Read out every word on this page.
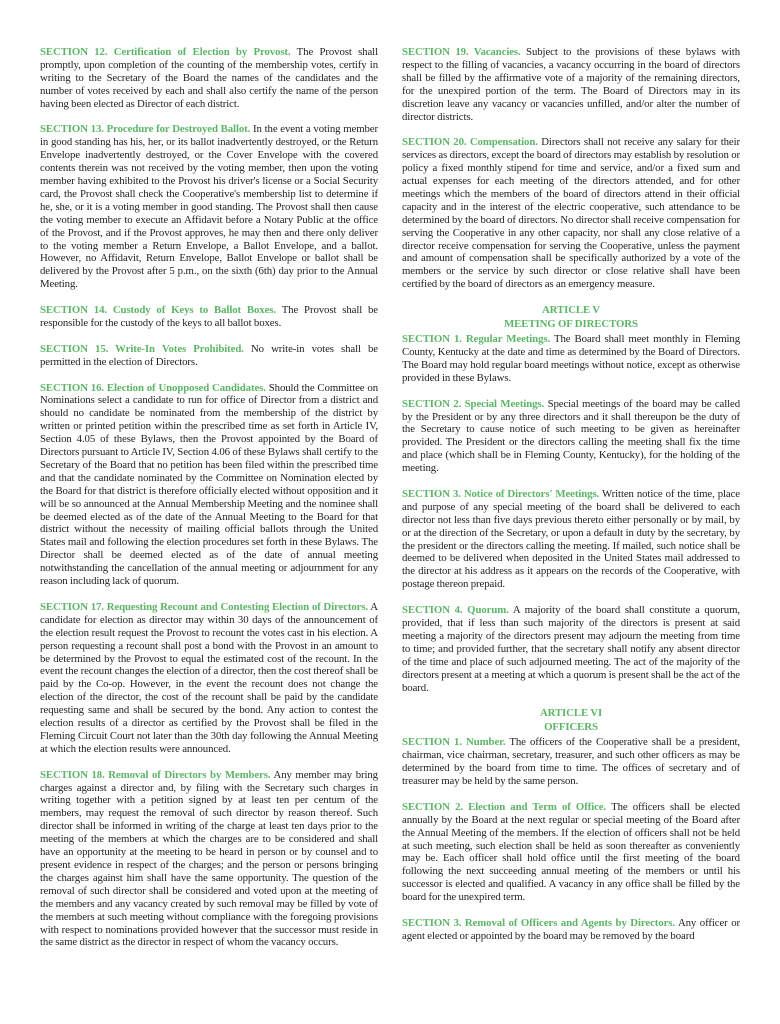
SECTION 12. Certification of Election by Provost. The Provost shall promptly, upon completion of the counting of the membership votes, certify in writing to the Secretary of the Board the names of the candidates and the number of votes received by each and shall also certify the name of the person having been elected as Director of each district.

SECTION 13. Procedure for Destroyed Ballot. In the event a voting member in good standing has his, her, or its ballot inadvertently destroyed, or the Return Envelope inadvertently destroyed, or the Cover Envelope with the covered contents therein was not received by the voting member, then upon the voting member having exhibited to the Provost his driver's license or a Social Security card, the Provost shall check the Cooperative's membership list to determine if he, she, or it is a voting member in good standing. The Provost shall then cause the voting member to execute an Affidavit before a Notary Public at the office of the Provost, and if the Provost approves, he may then and there only deliver to the voting member a Return Envelope, a Ballot Envelope, and a ballot. However, no Affidavit, Return Envelope, Ballot Envelope or ballot shall be delivered by the Provost after 5 p.m., on the sixth (6th) day prior to the Annual Meeting.

SECTION 14. Custody of Keys to Ballot Boxes. The Provost shall be responsible for the custody of the keys to all ballot boxes.

SECTION 15. Write-In Votes Prohibited. No write-in votes shall be permitted in the election of Directors.

SECTION 16. Election of Unopposed Candidates. Should the Committee on Nominations select a candidate to run for office of Director from a district and should no candidate be nominated from the membership of the district by written or printed petition within the prescribed time as set forth in Article IV, Section 4.05 of these Bylaws, then the Provost appointed by the Board of Directors pursuant to Article IV, Section 4.06 of these Bylaws shall certify to the Secretary of the Board that no petition has been filed within the prescribed time and that the candidate nominated by the Committee on Nomination elected by the Board for that district is therefore officially elected without opposition and it will be so announced at the Annual Membership Meeting and the nominee shall be deemed elected as of the date of the Annual Meeting to the Board for that district without the necessity of mailing official ballots through the United States mail and following the election procedures set forth in these Bylaws. The Director shall be deemed elected as of the date of annual meeting notwithstanding the cancellation of the annual meeting or adjournment for any reason including lack of quorum.

SECTION 17. Requesting Recount and Contesting Election of Directors. A candidate for election as director may within 30 days of the announcement of the election result request the Provost to recount the votes cast in his election. A person requesting a recount shall post a bond with the Provost in an amount to be determined by the Provost to equal the estimated cost of the recount. In the event the recount changes the election of a director, then the cost thereof shall be paid by the Co-op. However, in the event the recount does not change the election of the director, the cost of the recount shall be paid by the candidate requesting same and shall be secured by the bond. Any action to contest the election results of a director as certified by the Provost shall be filed in the Fleming Circuit Court not later than the 30th day following the Annual Meeting at which the election results were announced.

SECTION 18. Removal of Directors by Members. Any member may bring charges against a director and, by filing with the Secretary such charges in writing together with a petition signed by at least ten per centum of the members, may request the removal of such director by reason thereof. Such director shall be informed in writing of the charge at least ten days prior to the meeting of the members at which the charges are to be considered and shall have an opportunity at the meeting to be heard in person or by counsel and to present evidence in respect of the charges; and the person or persons bringing the charges against him shall have the same opportunity. The question of the removal of such director shall be considered and voted upon at the meeting of the members and any vacancy created by such removal may be filled by vote of the members at such meeting without compliance with the foregoing provisions with respect to nominations provided however that the successor must reside in the same district as the director in respect of whom the vacancy occurs.

SECTION 19. Vacancies. Subject to the provisions of these bylaws with respect to the filling of vacancies, a vacancy occurring in the board of directors shall be filled by the affirmative vote of a majority of the remaining directors, for the unexpired portion of the term. The Board of Directors may in its discretion leave any vacancy or vacancies unfilled, and/or alter the number of director districts.

SECTION 20. Compensation. Directors shall not receive any salary for their services as directors, except the board of directors may establish by resolution or policy a fixed monthly stipend for time and service, and/or a fixed sum and actual expenses for each meeting of the directors attended, and for other meetings which the members of the board of directors attend in their official capacity and in the interest of the electric cooperative, such attendance to be determined by the board of directors. No director shall receive compensation for serving the Cooperative in any other capacity, nor shall any close relative of a director receive compensation for serving the Cooperative, unless the payment and amount of compensation shall be specifically authorized by a vote of the members or the service by such director or close relative shall have been certified by the board of directors as an emergency measure.

ARTICLE V
MEETING OF DIRECTORS

SECTION 1. Regular Meetings. The Board shall meet monthly in Fleming County, Kentucky at the date and time as determined by the Board of Directors. The Board may hold regular board meetings without notice, except as otherwise provided in these Bylaws.

SECTION 2. Special Meetings. Special meetings of the board may be called by the President or by any three directors and it shall thereupon be the duty of the Secretary to cause notice of such meeting to be given as hereinafter provided. The President or the directors calling the meeting shall fix the time and place (which shall be in Fleming County, Kentucky), for the holding of the meeting.

SECTION 3. Notice of Directors' Meetings. Written notice of the time, place and purpose of any special meeting of the board shall be delivered to each director not less than five days previous thereto either personally or by mail, by or at the direction of the Secretary, or upon a default in duty by the secretary, by the president or the directors calling the meeting. If mailed, such notice shall be deemed to be delivered when deposited in the United States mail addressed to the director at his address as it appears on the records of the Cooperative, with postage thereon prepaid.

SECTION 4. Quorum. A majority of the board shall constitute a quorum, provided, that if less than such majority of the directors is present at said meeting a majority of the directors present may adjourn the meeting from time to time; and provided further, that the secretary shall notify any absent director of the time and place of such adjourned meeting. The act of the majority of the directors present at a meeting at which a quorum is present shall be the act of the board.

ARTICLE VI
OFFICERS

SECTION 1. Number. The officers of the Cooperative shall be a president, chairman, vice chairman, secretary, treasurer, and such other officers as may be determined by the board from time to time. The offices of secretary and of treasurer may be held by the same person.

SECTION 2. Election and Term of Office. The officers shall be elected annually by the Board at the next regular or special meeting of the Board after the Annual Meeting of the members. If the election of officers shall not be held at such meeting, such election shall be held as soon thereafter as conveniently may be. Each officer shall hold office until the first meeting of the board following the next succeeding annual meeting of the members or until his successor is elected and qualified. A vacancy in any office shall be filled by the board for the unexpired term.

SECTION 3. Removal of Officers and Agents by Directors. Any officer or agent elected or appointed by the board may be removed by the board
